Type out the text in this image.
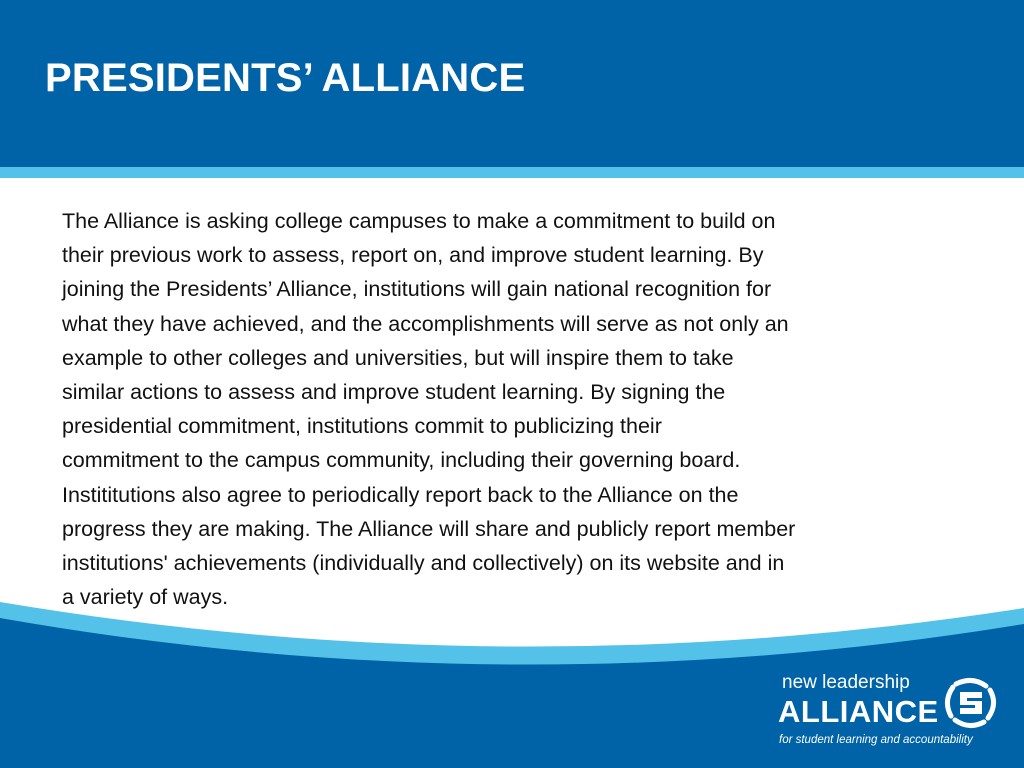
PRESIDENTS’ ALLIANCE

The Alliance is asking college campuses to make a commitment to build on
their previous work to assess, report on, and improve student learning. By
joining the Presidents’ Alliance, institutions will gain national recognition for
what they have achieved, and the accomplishments will serve as not only an
example to other colleges and universities, but will inspire them to take
similar actions to assess and improve student learning. By signing the
presidential commitment, institutions commit to publicizing their
commitment to the campus community, including their governing board.
Instititutions also agree to periodically report back to the Alliance on the
progress they are making. The Alliance will share and publicly report member
institutions' achievements (individually and collectively) on its website and in
a variety of ways.

new leadership

ALLIANCE

for student learning and accountability
